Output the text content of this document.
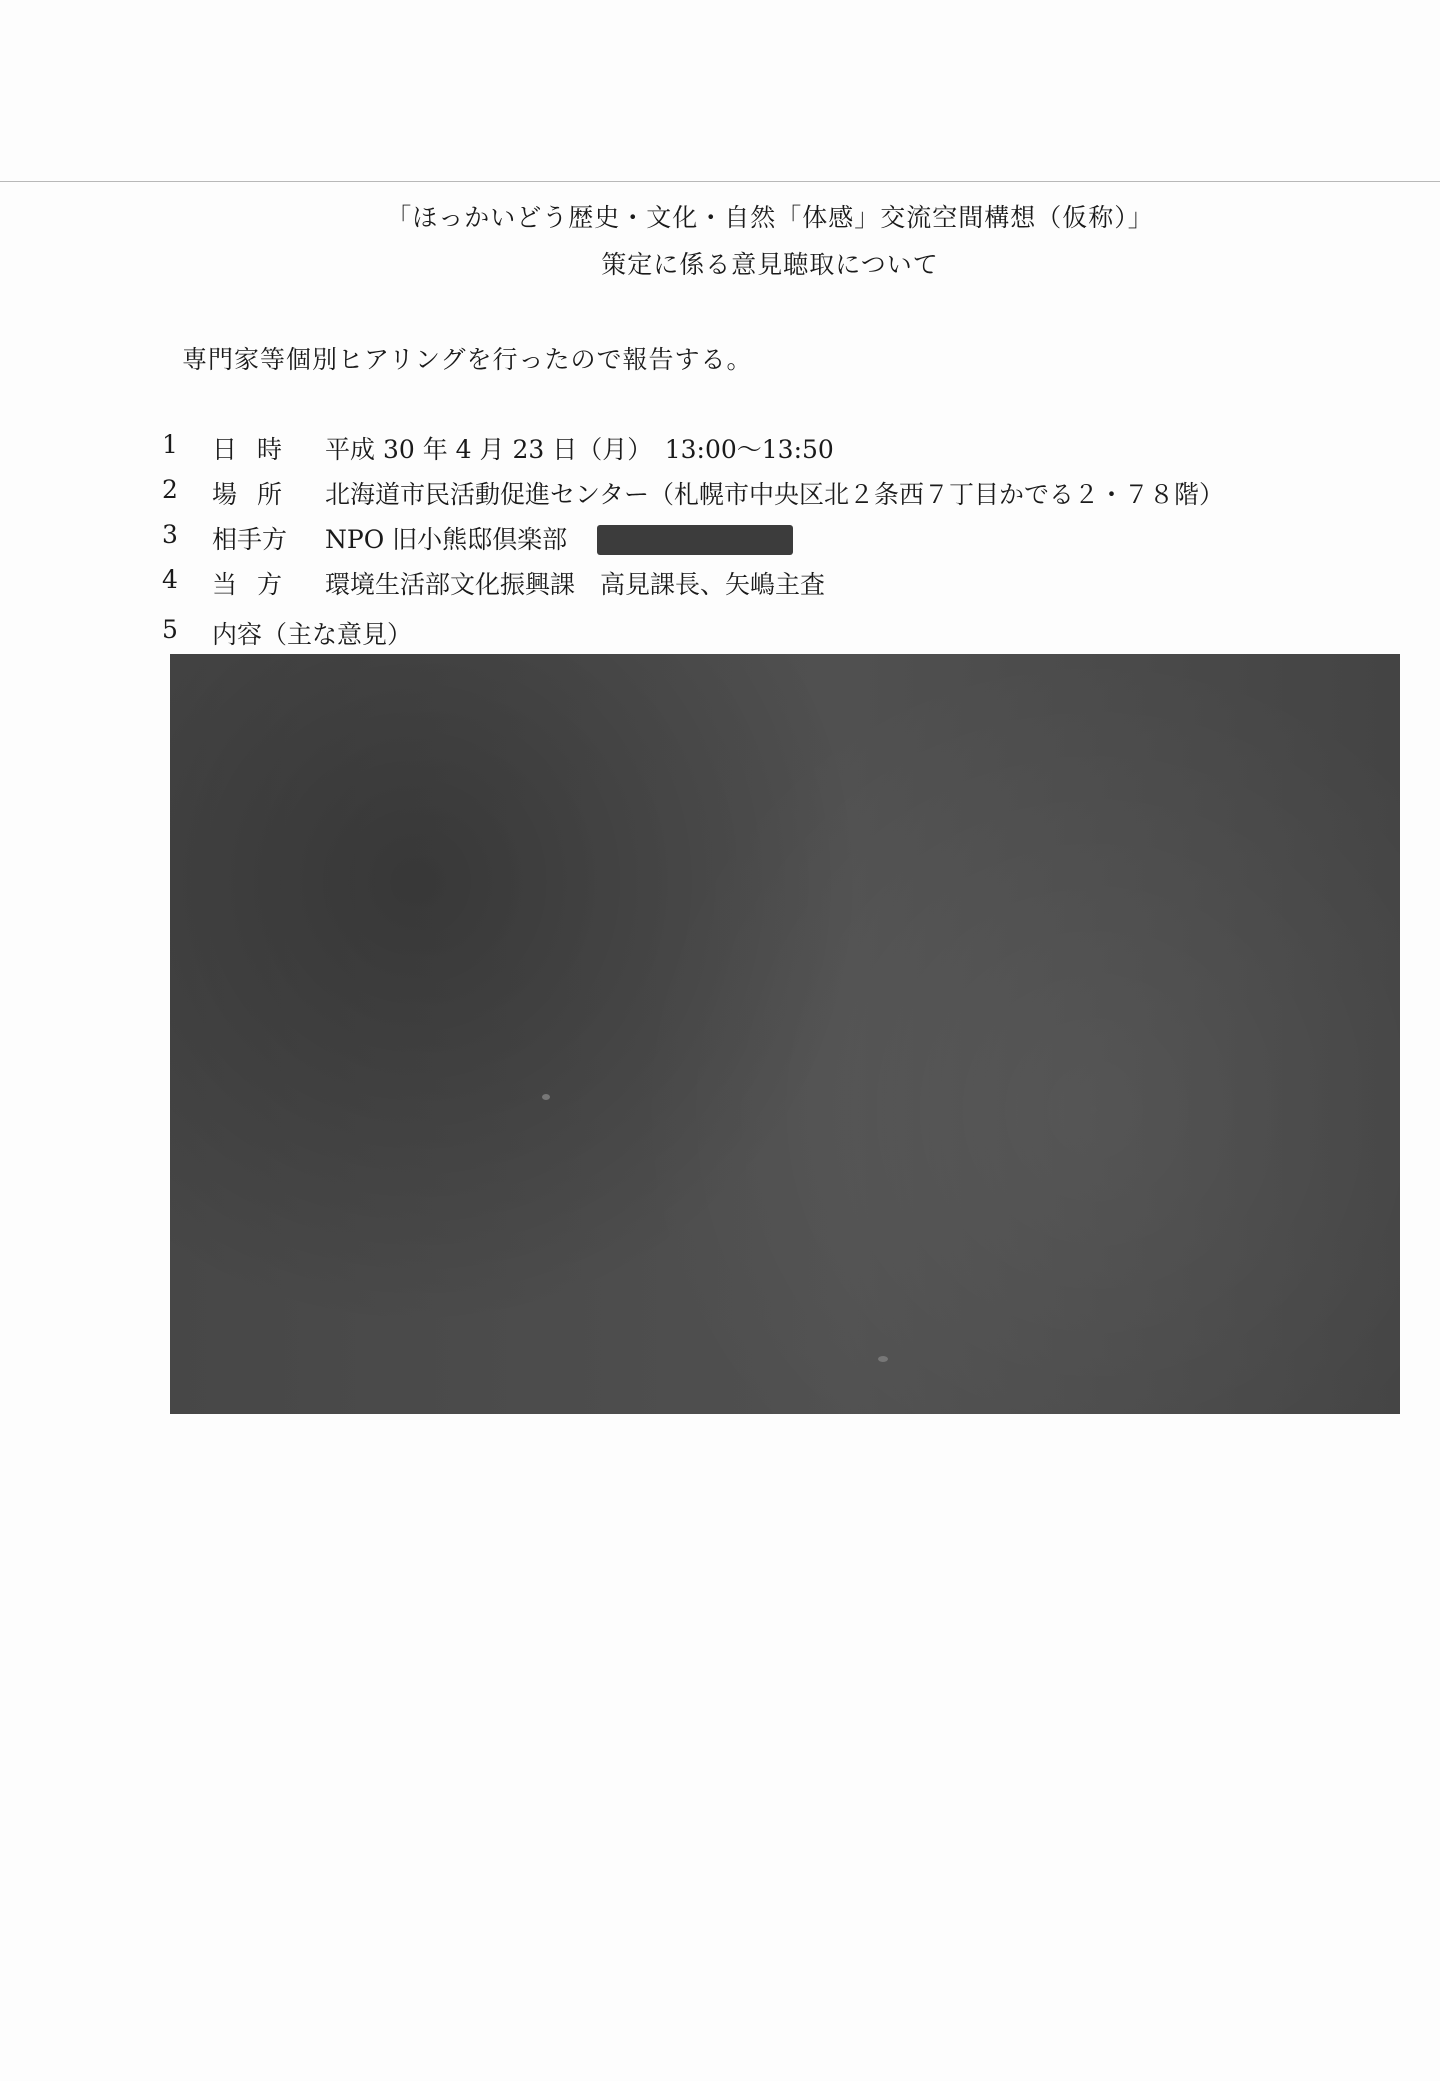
「ほっかいどう歴史・文化・自然「体感」交流空間構想（仮称）」
策定に係る意見聴取について
専門家等個別ヒアリングを行ったので報告する。
1	日時 平成 30 年 4 月 23 日（月）　13:00～13:50
2	場所 北海道市民活動促進センター（札幌市中央区北２条西７丁目かでる２・７８階）
3	相手方	NPO 旧小熊邸倶楽部
4	当方 環境生活部文化振興課　高見課長、矢嶋主査
5	内容（主な意見）
